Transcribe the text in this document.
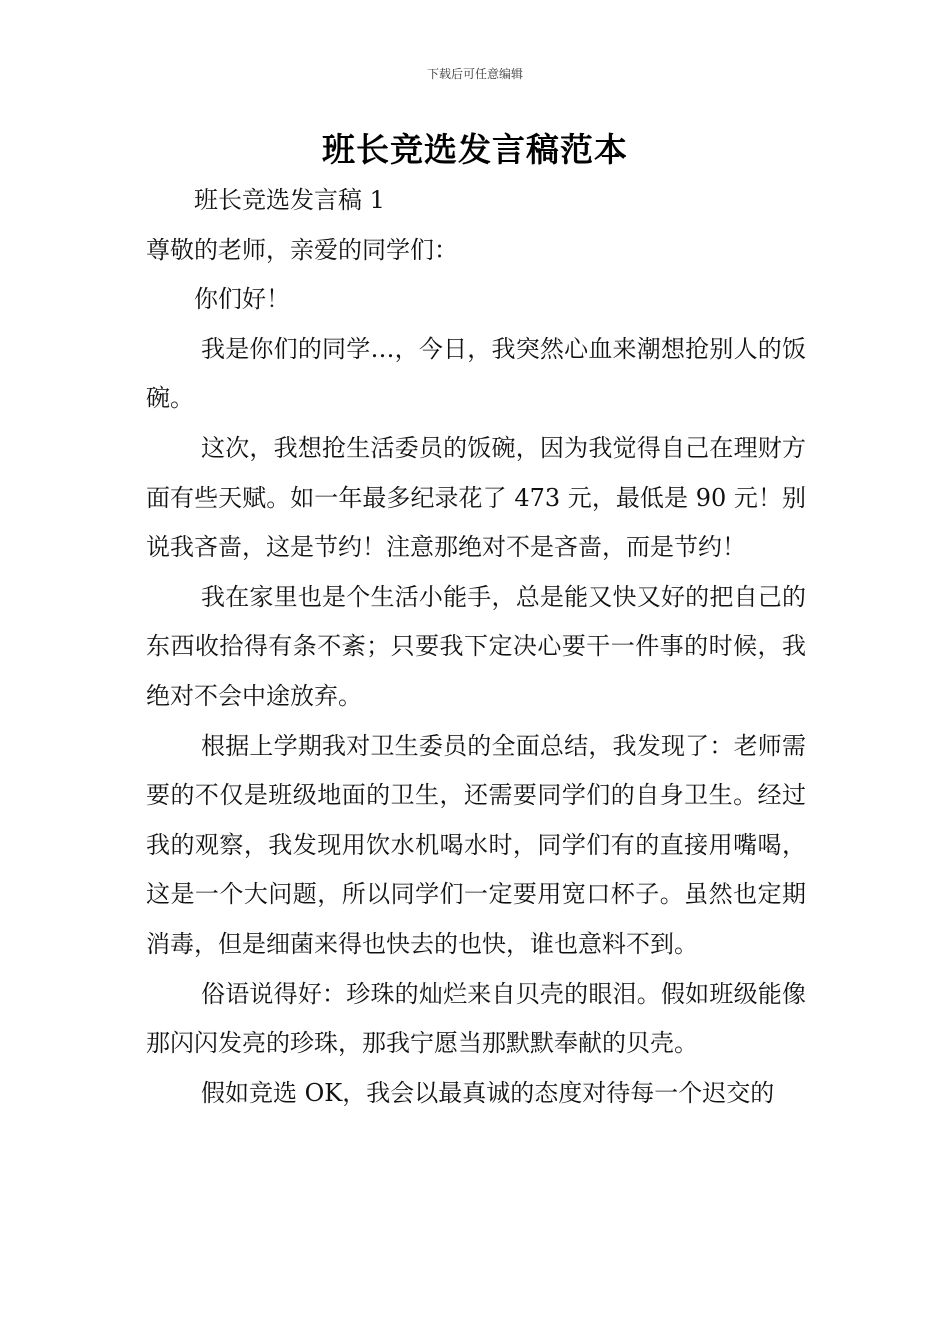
下载后可任意编辑
班长竞选发言稿范本

班长竞选发言稿 1

尊敬的老师，亲爱的同学们：

你们好！

我是你们的同学…，今日，我突然心血来潮想抢别人的饭碗。

这次，我想抢生活委员的饭碗，因为我觉得自己在理财方面有些天赋。如一年最多纪录花了 473 元，最低是 90 元！别说我吝啬，这是节约！注意那绝对不是吝啬，而是节约！

我在家里也是个生活小能手，总是能又快又好的把自己的东西收拾得有条不紊；只要我下定决心要干一件事的时候，我绝对不会中途放弃。

根据上学期我对卫生委员的全面总结，我发现了：老师需要的不仅是班级地面的卫生，还需要同学们的自身卫生。经过我的观察，我发现用饮水机喝水时，同学们有的直接用嘴喝，这是一个大问题，所以同学们一定要用宽口杯子。虽然也定期消毒，但是细菌来得也快去的也快，谁也意料不到。

俗语说得好：珍珠的灿烂来自贝壳的眼泪。假如班级能像那闪闪发亮的珍珠，那我宁愿当那默默奉献的贝壳。

假如竞选 OK，我会以最真诚的态度对待每一个迟交的
